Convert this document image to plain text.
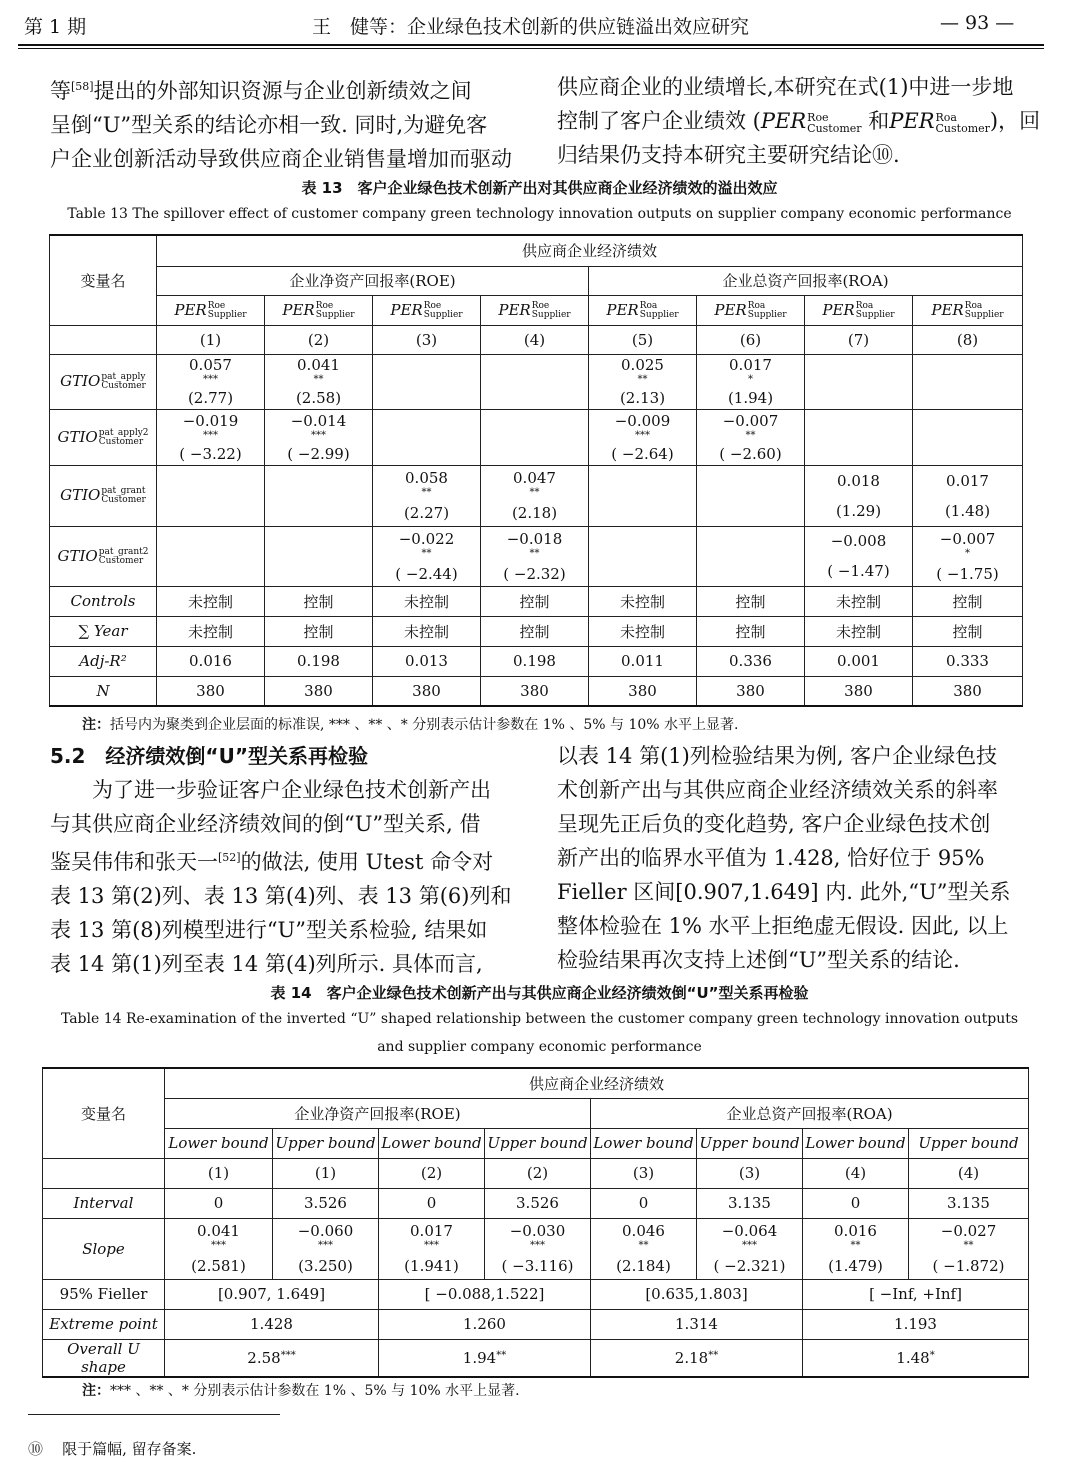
第 1 期	王　健等：企业绿色技术创新的供应链溢出效应研究	— 93 —

等[58]提出的外部知识资源与企业创新绩效之间

呈倒“U”型关系的结论亦相一致. 同时,为避免客

户企业创新活动导致供应商企业销售量增加而驱动

供应商企业的业绩增长,本研究在式(1)中进一步地

控制了客户企业绩效 (PERRoe
Customer 和PERRoa
Customer)，回

归结果仍支持本研究主要研究结论⑩.

表 13　客户企业绿色技术创新产出对其供应商企业经济绩效的溢出效应
Table 13 The spillover effect of customer company green technology innovation outputs on supplier company economic performance
变量名	供应商企业经济绩效							
	企业净资产回报率(ROE)				企业总资产回报率(ROA)			
	PERRoe
Supplier	PERRoe
Supplier	PERRoe
Supplier	PERRoe
Supplier	PERRoa
Supplier	PERRoa
Supplier	PERRoa
Supplier	PERRoa
Supplier
	(1)	(2)	(3)	(4)	(5)	(6)	(7)	(8)
GTIOpat_apply
Customer	0.057
***
(2.77)	0.041
**
(2.58)			0.025
**
(2.13)	0.017
*
(1.94)		

GTIOpat_apply2
Customer	−0.019
***
( −3.22)	−0.014
***
( −2.99)			−0.009
***
( −2.64)	−0.007
**
( −2.60)		

GTIOpat_grant
Customer			0.058
**
(2.27)	0.047
**
(2.18)			0.018
(1.29)	0.017
(1.48)

GTIOpat_grant2
Customer			−0.022
**
( −2.44)	−0.018
**
( −2.32)			−0.008
( −1.47)	−0.007
*
( −1.75)

Controls	未控制	控制	未控制	控制	未控制	控制	未控制	控制
∑ Year	未控制	控制	未控制	控制	未控制	控制	未控制	控制
Adj-R²	0.016	0.198	0.013	0.198	0.011	0.336	0.001	0.333
N	380	380	380	380	380	380	380	380
注：括号内为聚类到企业层面的标准误, *** 、** 、* 分别表示估计参数在 1% 、5% 与 10% 水平上显著.
5.2　经济绩效倒“U”型关系再检验

　　为了进一步验证客户企业绿色技术创新产出

与其供应商企业经济绩效间的倒“U”型关系, 借

鉴吴伟伟和张天一[52]的做法, 使用 Utest 命令对

表 13 第(2)列、表 13 第(4)列、表 13 第(6)列和

表 13 第(8)列模型进行“U”型关系检验, 结果如

表 14 第(1)列至表 14 第(4)列所示. 具体而言,

以表 14 第(1)列检验结果为例, 客户企业绿色技

术创新产出与其供应商企业经济绩效关系的斜率

呈现先正后负的变化趋势, 客户企业绿色技术创

新产出的临界水平值为 1.428, 恰好位于 95%

Fieller 区间[0.907,1.649] 内. 此外,“U”型关系

整体检验在 1% 水平上拒绝虚无假设. 因此, 以上

检验结果再次支持上述倒“U”型关系的结论.

表 14　客户企业绿色技术创新产出与其供应商企业经济绩效倒“U”型关系再检验
Table 14 Re-examination of the inverted “U” shaped relationship between the customer company green technology innovation outputs
and supplier company economic performance
变量名	供应商企业经济绩效							
	企业净资产回报率(ROE)				企业总资产回报率(ROA)			
	Lower bound	Upper bound	Lower bound	Upper bound	Lower bound	Upper bound	Lower bound	Upper bound
	(1)	(1)	(2)	(2)	(3)	(3)	(4)	(4)
Interval	0	3.526	0	3.526	0	3.135	0	3.135
Slope	0.041
***
(2.581)	−0.060
***
(3.250)	0.017
***
(1.941)	−0.030
***
( −3.116)	0.046
**
(2.184)	−0.064
***
( −2.321)	0.016
**
(1.479)	−0.027
**
( −1.872)

95% Fieller	[0.907, 1.649]		[ −0.088,1.522]		[0.635,1.803]		[ −Inf, +Inf]	
Extreme point	1.428		1.260		1.314		1.193	
Overall U shape	2.58***		1.94**		2.18**		1.48*
注：*** 、** 、* 分别表示估计参数在 1% 、5% 与 10% 水平上显著.
⑩ 限于篇幅, 留存备案.
